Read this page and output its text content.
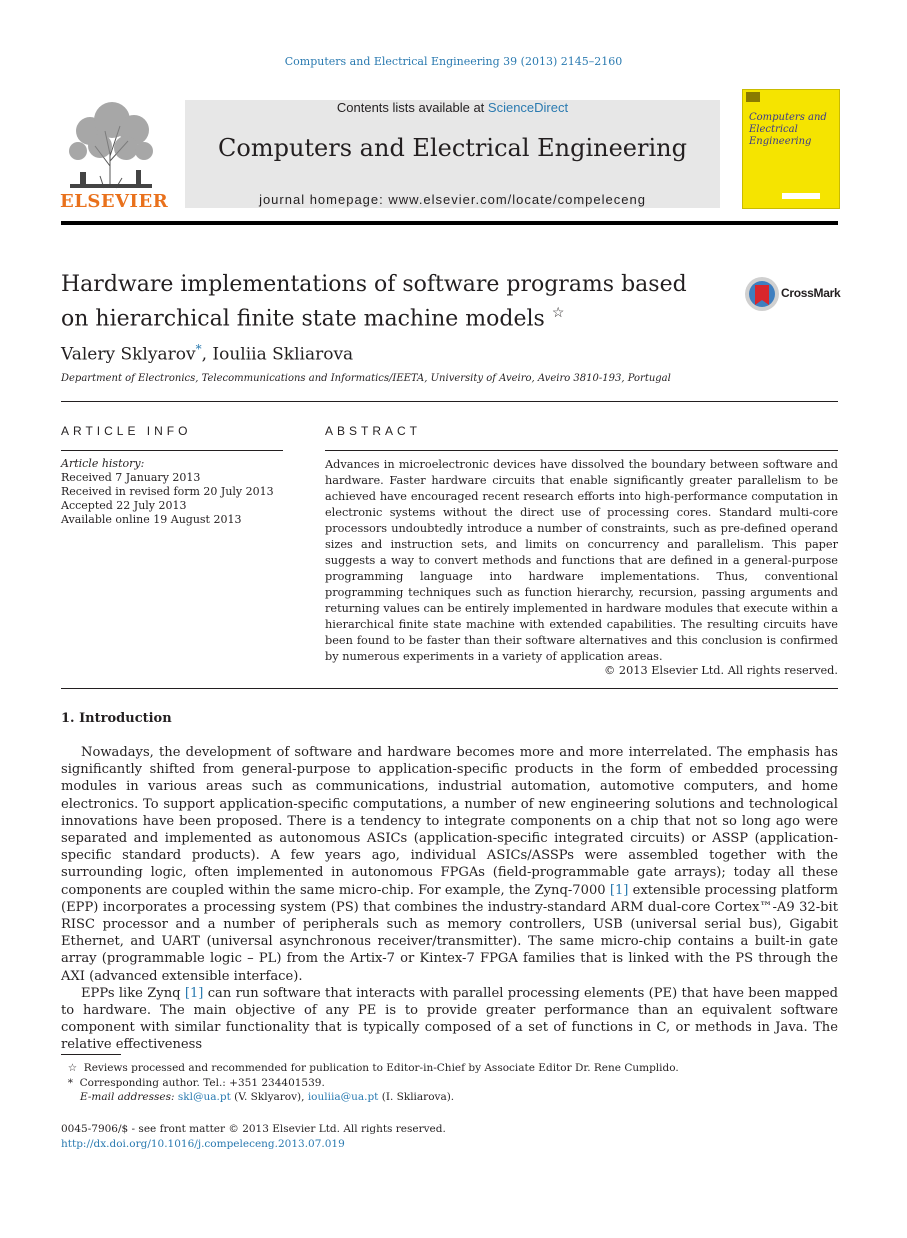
Computers and Electrical Engineering 39 (2013) 2145–2160
ELSEVIER
Contents lists available at ScienceDirect
Computers and Electrical Engineering
journal homepage: www.elsevier.com/locate/compeleceng
Computers and Electrical Engineering
Hardware implementations of software programs based
on hierarchical finite state machine models ☆
CrossMark
Valery Sklyarov*, Iouliia Skliarova
Department of Electronics, Telecommunications and Informatics/IEETA, University of Aveiro, Aveiro 3810-193, Portugal
ARTICLE INFO
Article history:
Received 7 January 2013
Received in revised form 20 July 2013
Accepted 22 July 2013
Available online 19 August 2013
ABSTRACT
Advances in microelectronic devices have dissolved the boundary between software and hardware. Faster hardware circuits that enable significantly greater parallelism to be achieved have encouraged recent research efforts into high-performance computation in electronic systems without the direct use of processing cores. Standard multi-core processors undoubtedly introduce a number of constraints, such as pre-defined operand sizes and instruction sets, and limits on concurrency and parallelism. This paper suggests a way to convert methods and functions that are defined in a general-purpose programming language into hardware implementations. Thus, conventional programming techniques such as function hierarchy, recursion, passing arguments and returning values can be entirely implemented in hardware modules that execute within a hierarchical finite state machine with extended capabilities. The resulting circuits have been found to be faster than their software alternatives and this conclusion is confirmed by numerous experiments in a variety of application areas.
© 2013 Elsevier Ltd. All rights reserved.
1. Introduction

Nowadays, the development of software and hardware becomes more and more interrelated. The emphasis has significantly shifted from general-purpose to application-specific products in the form of embedded processing modules in various areas such as communications, industrial automation, automotive computers, and home electronics. To support application-specific computations, a number of new engineering solutions and technological innovations have been proposed. There is a tendency to integrate components on a chip that not so long ago were separated and implemented as autonomous ASICs (application-specific integrated circuits) or ASSP (application-specific standard products). A few years ago, individual ASICs/ASSPs were assembled together with the surrounding logic, often implemented in autonomous FPGAs (field-programmable gate arrays); today all these components are coupled within the same micro-chip. For example, the Zynq-7000 [1] extensible processing platform (EPP) incorporates a processing system (PS) that combines the industry-standard ARM dual-core Cortex™-A9 32-bit RISC processor and a number of peripherals such as memory controllers, USB (universal serial bus), Gigabit Ethernet, and UART (universal asynchronous receiver/transmitter). The same micro-chip contains a built-in gate array (programmable logic – PL) from the Artix-7 or Kintex-7 FPGA families that is linked with the PS through the AXI (advanced extensible interface).

EPPs like Zynq [1] can run software that interacts with parallel processing elements (PE) that have been mapped to hardware. The main objective of any PE is to provide greater performance than an equivalent software component with similar functionality that is typically composed of a set of functions in C, or methods in Java. The relative effectiveness

☆ Reviews processed and recommended for publication to Editor-in-Chief by Associate Editor Dr. Rene Cumplido.
* Corresponding author. Tel.: +351 234401539.
E-mail addresses: skl@ua.pt (V. Sklyarov), iouliia@ua.pt (I. Skliarova).
0045-7906/$ - see front matter © 2013 Elsevier Ltd. All rights reserved.
http://dx.doi.org/10.1016/j.compeleceng.2013.07.019
